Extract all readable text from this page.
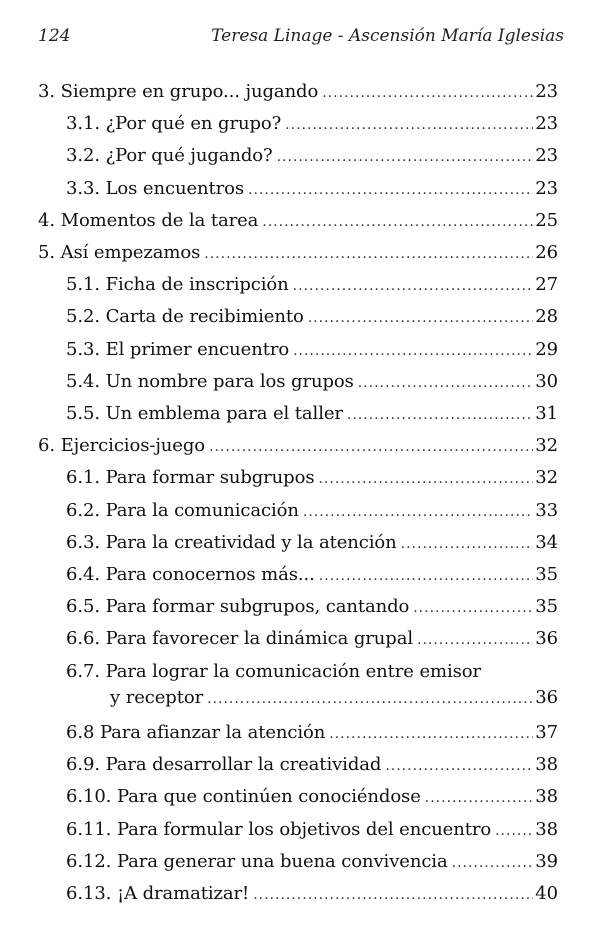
124	Teresa Linage - Ascensión María Iglesias
3. Siempre en grupo... jugando .....	23
3.1. ¿Por qué en grupo? .....	23
3.2. ¿Por qué jugando? .....	23
3.3. Los encuentros .....	23
4. Momentos de la tarea .....	25
5. Así empezamos .....	26
5.1. Ficha de inscripción .....	27
5.2. Carta de recibimiento .....	28
5.3. El primer encuentro .....	29
5.4. Un nombre para los grupos .....	30
5.5. Un emblema para el taller .....	31
6. Ejercicios-juego .....	32
6.1. Para formar subgrupos .....	32
6.2. Para la comunicación .....	33
6.3. Para la creatividad y la atención .....	34
6.4. Para conocernos más... .....	35
6.5. Para formar subgrupos, cantando .....	35
6.6. Para favorecer la dinámica grupal .....	36
6.7. Para lograr la comunicación entre emisor
y receptor .....	36
6.8 Para afianzar la atención .....	37
6.9. Para desarrollar la creatividad .....	38
6.10. Para que continúen conociéndose .....	38
6.11. Para formular los objetivos del encuentro ..... 38
6.12. Para generar una buena convivencia .....	39
6.13. ¡A dramatizar! .....	40
